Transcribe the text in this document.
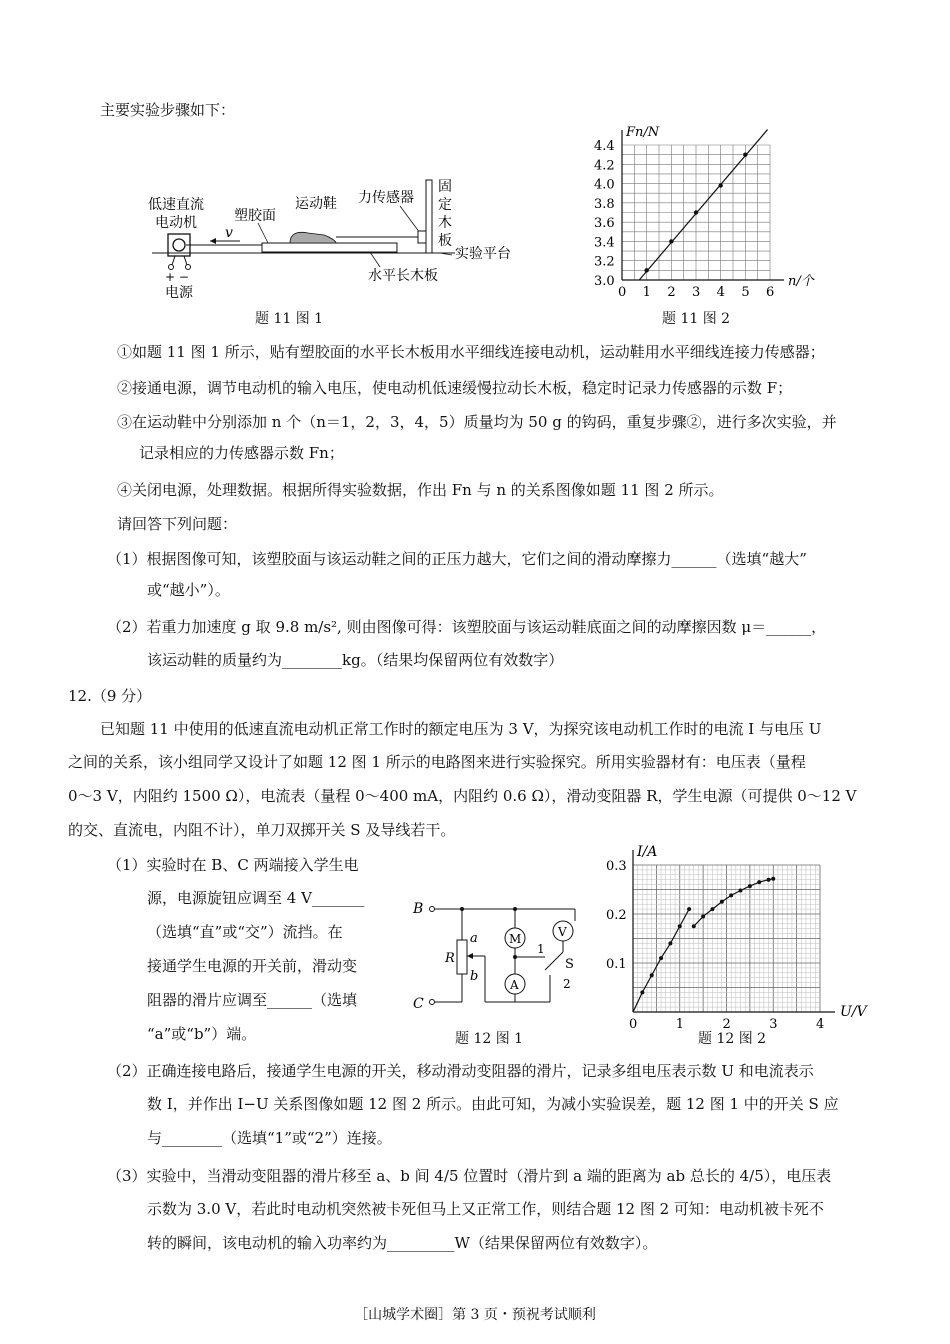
主要实验步骤如下：
低速直流
电动机
+ −
电源
v
塑胶面
运动鞋 力传感器
固
定
木
板
实验平台
水平长木板
题 11 图 1
Fn/N
n/个
0 1 2 3 4 5 6
3.0
3.2
3.4
3.6
3.8
4.0
4.2
4.4
题 11 图 2
①如题 11 图 1 所示，贴有塑胶面的水平长木板用水平细线连接电动机，运动鞋用水平细线连接力传感器；
②接通电源，调节电动机的输入电压，使电动机低速缓慢拉动长木板，稳定时记录力传感器的示数 F；
③在运动鞋中分别添加 n 个（n＝1，2，3，4，5）质量均为 50 g 的钩码，重复步骤②，进行多次实验，并
记录相应的力传感器示数 Fn；
④关闭电源，处理数据。根据所得实验数据，作出 Fn 与 n 的关系图像如题 11 图 2 所示。
请回答下列问题：
（1）根据图像可知，该塑胶面与该运动鞋之间的正压力越大，它们之间的滑动摩擦力______（选填“越大”
或“越小”）。
（2）若重力加速度 g 取 9.8 m/s², 则由图像可得：该塑胶面与该运动鞋底面之间的动摩擦因数 μ＝______，
该运动鞋的质量约为________kg。（结果均保留两位有效数字）
12.（9 分）
已知题 11 中使用的低速直流电动机正常工作时的额定电压为 3 V，为探究该电动机工作时的电流 I 与电压 U
之间的关系，该小组同学又设计了如题 12 图 1 所示的电路图来进行实验探究。所用实验器材有：电压表（量程
0～3 V，内阻约 1500 Ω），电流表（量程 0～400 mA，内阻约 0.6 Ω），滑动变阻器 R，学生电源（可提供 0～12 V
的交、直流电，内阻不计），单刀双掷开关 S 及导线若干。
（1）实验时在 B、C 两端接入学生电
源，电源旋钮应调至 4 V_______
（选填“直”或“交”）流挡。在
接通学生电源的开关前，滑动变
阻器的滑片应调至______（选填
“a”或“b”）端。
B
a
R
b
C
M
A
1
V
S
2
题 12 图 1
I/A
U/V
0	1	2	3	4
0.1
0.2
0.3
题 12 图 2
（2）正确连接电路后，接通学生电源的开关，移动滑动变阻器的滑片，记录多组电压表示数 U 和电流表示
数 I，并作出 I−U 关系图像如题 12 图 2 所示。由此可知，为减小实验误差，题 12 图 1 中的开关 S 应
与________（选填“1”或“2”）连接。
（3）实验中，当滑动变阻器的滑片移至 a、b 间 4/5 位置时（滑片到 a 端的距离为 ab 总长的 4/5），电压表
示数为 3.0 V，若此时电动机突然被卡死但马上又正常工作，则结合题 12 图 2 可知：电动机被卡死不
转的瞬间，该电动机的输入功率约为_________W（结果保留两位有效数字）。
［山城学术圈］第 3 页・预祝考试顺利
